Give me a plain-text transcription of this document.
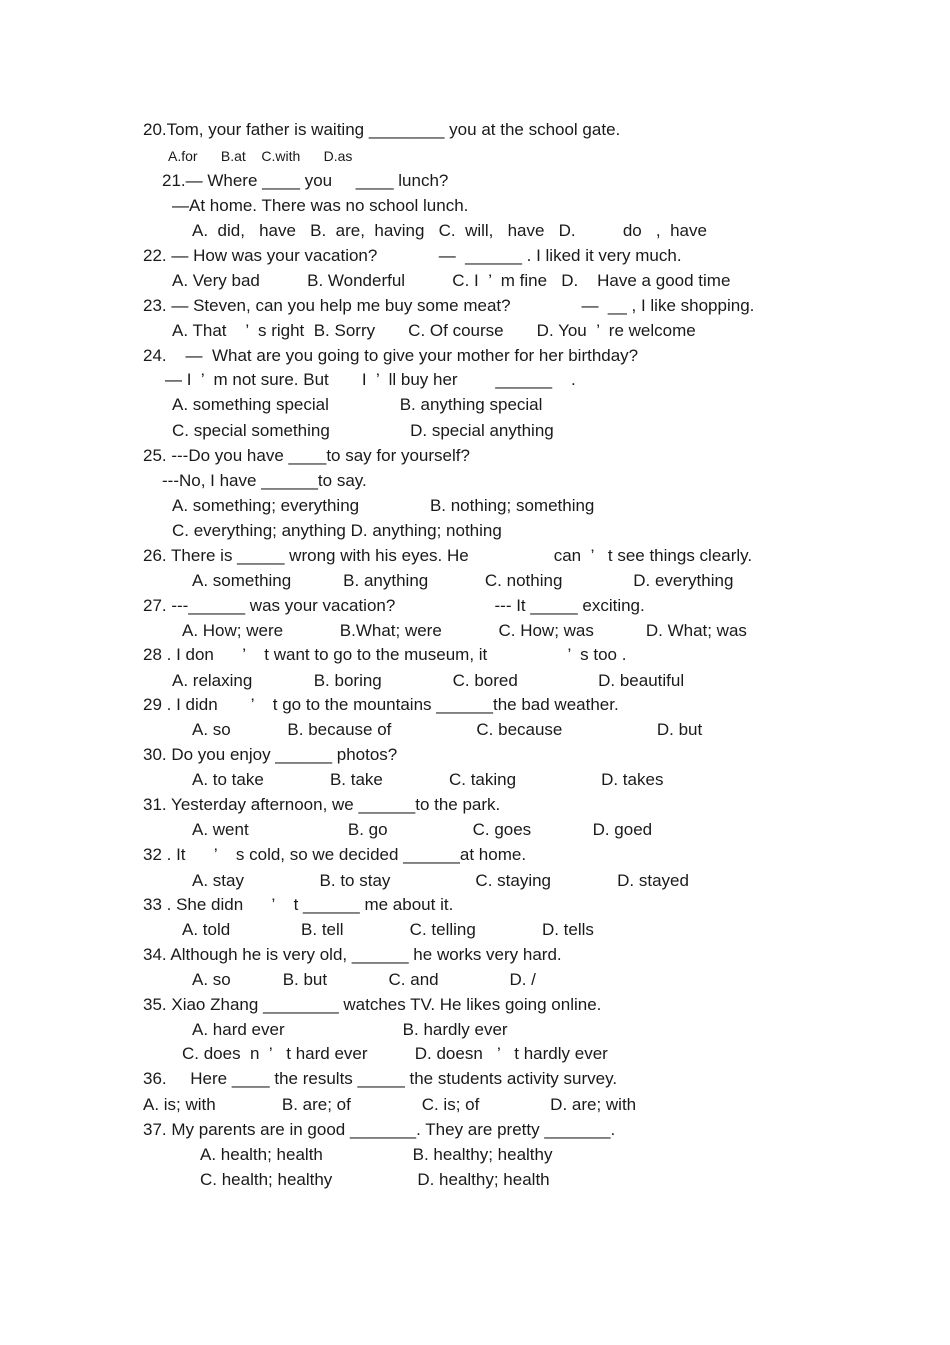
20.Tom, your father is waiting ________ you at the school gate.
A.for      B.at    C.with      D.as
21.— Where ____ you     ____ lunch?
—At home. There was no school lunch.
A.  did,   have   B.  are,  having   C.  will,   have   D.          do   ,  have
22. — How was your vacation?             —  ______ . I liked it very much.
A. Very bad          B. Wonderful          C. I  ’  m fine   D.    Have a good time
23. — Steven, can you help me buy some meat?               —  __ , I like shopping.
A. That    ’  s right  B. Sorry       C. Of course       D. You  ’  re welcome
24.    —  What are you going to give your mother for her birthday?
— I  ’  m not sure. But       I  ’  ll buy her        ______    .
A. something special               B. anything special
C. special something                 D. special anything
25. ---Do you have ____to say for yourself?
---No, I have ______to say.
A. something; everything               B. nothing; something
C. everything; anything D. anything; nothing
26. There is _____ wrong with his eyes. He                  can  ’   t see things clearly.
A. something           B. anything            C. nothing               D. everything
27. ---______ was your vacation?                     --- It _____ exciting.
A. How; were            B.What; were            C. How; was           D. What; was
28 . I don      ’    t want to go to the museum, it                 ’  s too .
A. relaxing             B. boring               C. bored                 D. beautiful
29 . I didn       ’    t go to the mountains ______the bad weather.
A. so            B. because of                  C. because                    D. but
30. Do you enjoy ______ photos?
A. to take              B. take              C. taking                  D. takes
31. Yesterday afternoon, we ______to the park.
A. went                     B. go                  C. goes             D. goed
32 . It      ’    s cold, so we decided ______at home.
A. stay                B. to stay                  C. staying              D. stayed
33 . She didn      ’    t ______ me about it.
A. told               B. tell              C. telling              D. tells
34. Although he is very old, ______ he works very hard.
A. so           B. but             C. and               D. /
35. Xiao Zhang ________ watches TV. He likes going online.
A. hard ever                         B. hardly ever
C. does  n  ’   t hard ever          D. doesn   ’   t hardly ever
36.     Here ____ the results _____ the students activity survey.
A. is; with              B. are; of               C. is; of               D. are; with
37. My parents are in good _______. They are pretty _______.
A. health; health                   B. healthy; healthy
C. health; healthy                  D. healthy; health
